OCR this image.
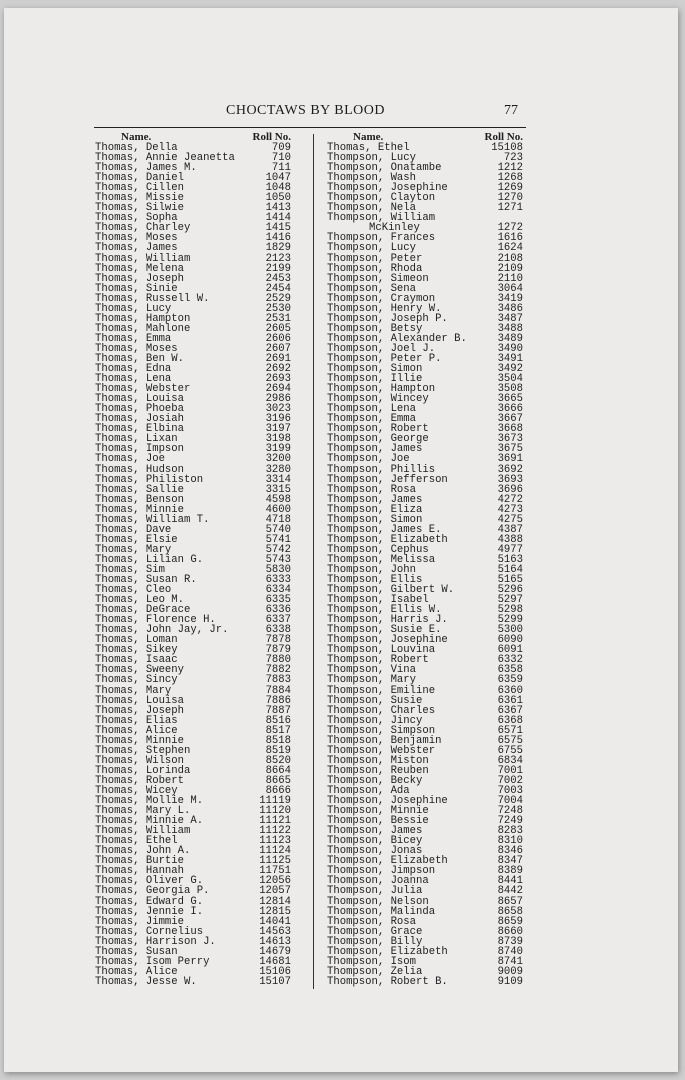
CHOCTAWS BY BLOOD	77
Name.	Roll No.
Thomas, Della	709
Thomas, Annie Jeanetta	710
Thomas, James M.	711
Thomas, Daniel	1047
Thomas, Cillen	1048
Thomas, Missie	1050
Thomas, Silwie	1413
Thomas, Sopha	1414
Thomas, Charley	1415
Thomas, Moses	1416
Thomas, James	1829
Thomas, William	2123
Thomas, Melena	2199
Thomas, Joseph	2453
Thomas, Sinie	2454
Thomas, Russell W.	2529
Thomas, Lucy	2530
Thomas, Hampton	2531
Thomas, Mahlone	2605
Thomas, Emma	2606
Thomas, Moses	2607
Thomas, Ben W.	2691
Thomas, Edna	2692
Thomas, Lena	2693
Thomas, Webster	2694
Thomas, Louisa	2986
Thomas, Phoeba	3023
Thomas, Josiah	3196
Thomas, Elbina	3197
Thomas, Lixan	3198
Thomas, Impson	3199
Thomas, Joe	3200
Thomas, Hudson	3280
Thomas, Philiston	3314
Thomas, Sallie	3315
Thomas, Benson	4598
Thomas, Minnie	4600
Thomas, William T.	4718
Thomas, Dave	5740
Thomas, Elsie	5741
Thomas, Mary	5742
Thomas, Lilian G.	5743
Thomas, Sim	5830
Thomas, Susan R.	6333
Thomas, Cleo	6334
Thomas, Leo M.	6335
Thomas, DeGrace	6336
Thomas, Florence H.	6337
Thomas, John Jay, Jr.	6338
Thomas, Loman	7878
Thomas, Sikey	7879
Thomas, Isaac	7880
Thomas, Sweeny	7882
Thomas, Sincy	7883
Thomas, Mary	7884
Thomas, Louisa	7886
Thomas, Joseph	7887
Thomas, Elias	8516
Thomas, Alice	8517
Thomas, Minnie	8518
Thomas, Stephen	8519
Thomas, Wilson	8520
Thomas, Lorinda	8664
Thomas, Robert	8665
Thomas, Wicey	8666
Thomas, Mollie M.	11119
Thomas, Mary L.	11120
Thomas, Minnie A.	11121
Thomas, William	11122
Thomas, Ethel	11123
Thomas, John A.	11124
Thomas, Burtie	11125
Thomas, Hannah	11751
Thomas, Oliver G.	12056
Thomas, Georgia P.	12057
Thomas, Edward G.	12814
Thomas, Jennie I.	12815
Thomas, Jimmie	14041
Thomas, Cornelius	14563
Thomas, Harrison J.	14613
Thomas, Susan	14679
Thomas, Isom Perry	14681
Thomas, Alice	15106
Thomas, Jesse W.	15107
Name.	Roll No.
Thomas, Ethel	15108
Thompson, Lucy	723
Thompson, Onatambe	1212
Thompson, Wash	1268
Thompson, Josephine	1269
Thompson, Clayton	1270
Thompson, Nela	1271
Thompson, William
McKinley	1272
Thompson, Frances	1616
Thompson, Lucy	1624
Thompson, Peter	2108
Thompson, Rhoda	2109
Thompson, Simeon	2110
Thompson, Sena	3064
Thompson, Craymon	3419
Thompson, Henry W.	3486
Thompson, Joseph P.	3487
Thompson, Betsy	3488
Thompson, Alexander B.	3489
Thompson, Joel J.	3490
Thompson, Peter P.	3491
Thompson, Simon	3492
Thompson, Illie	3504
Thompson, Hampton	3508
Thompson, Wincey	3665
Thompson, Lena	3666
Thompson, Emma	3667
Thompson, Robert	3668
Thompson, George	3673
Thompson, James	3675
Thompson, Joe	3691
Thompson, Phillis	3692
Thompson, Jefferson	3693
Thompson, Rosa	3696
Thompson, James	4272
Thompson, Eliza	4273
Thompson, Simon	4275
Thompson, James E.	4387
Thompson, Elizabeth	4388
Thompson, Cephus	4977
Thompson, Melissa	5163
Thompson, John	5164
Thompson, Ellis	5165
Thompson, Gilbert W.	5296
Thompson, Isabel	5297
Thompson, Ellis W.	5298
Thompson, Harris J.	5299
Thompson, Susie E.	5300
Thompson, Josephine	6090
Thompson, Louvina	6091
Thompson, Robert	6332
Thompson, Vina	6358
Thompson, Mary	6359
Thompson, Emiline	6360
Thompson, Susie	6361
Thompson, Charles	6367
Thompson, Jincy	6368
Thompson, Simpson	6571
Thompson, Benjamin	6575
Thompson, Webster	6755
Thompson, Miston	6834
Thompson, Reuben	7001
Thompson, Becky	7002
Thompson, Ada	7003
Thompson, Josephine	7004
Thompson, Minnie	7248
Thompson, Bessie	7249
Thompson, James	8283
Thompson, Bicey	8310
Thompson, Jonas	8346
Thompson, Elizabeth	8347
Thompson, Jimpson	8389
Thompson, Joanna	8441
Thompson, Julia	8442
Thompson, Nelson	8657
Thompson, Malinda	8658
Thompson, Rosa	8659
Thompson, Grace	8660
Thompson, Billy	8739
Thompson, Elizabeth	8740
Thompson, Isom	8741
Thompson, Zelia	9009
Thompson, Robert B.	9109
